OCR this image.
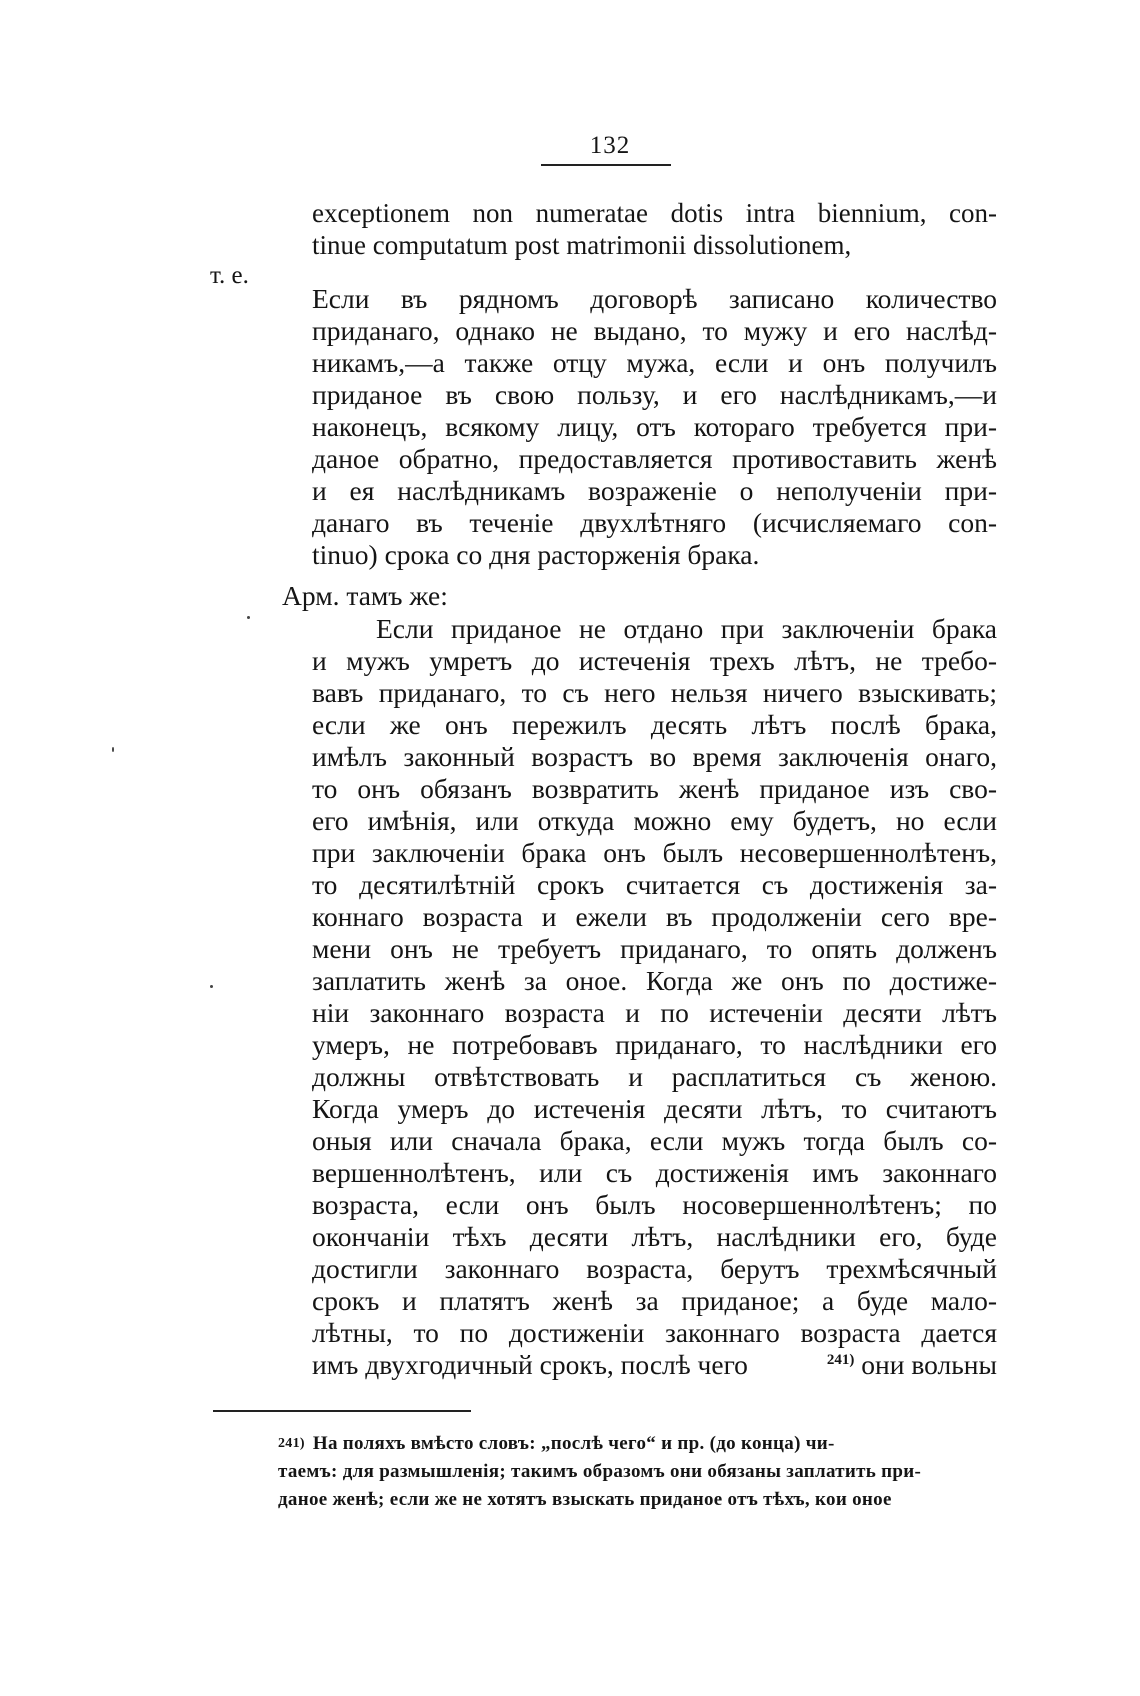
132
exceptionem non numeratae dotis intra biennium, con-
tinue computatum post matrimonii dissolutionem,
т. е.
Если въ рядномъ договорѣ записано количество
приданаго, однако не выдано, то мужу и его наслѣд-
никамъ,—а также отцу мужа, если и онъ получилъ
приданое въ свою пользу, и его наслѣдникамъ,—и
наконецъ, всякому лицу, отъ котораго требуется при-
даное обратно, предоставляется противоставить женѣ
и ея наслѣдникамъ возраженіе о неполученіи при-
данаго въ теченіе двухлѣтняго (исчисляемаго con-
tinuo) срока со дня расторженія брака.
Арм. тамъ же:
Если приданое не отдано при заключеніи брака
и мужъ умретъ до истеченія трехъ лѣтъ, не требо-
вавъ приданаго, то съ него нельзя ничего взыскивать;
если же онъ пережилъ десять лѣтъ послѣ брака,
имѣлъ законный возрастъ во время заключенія онаго,
то онъ обязанъ возвратить женѣ приданое изъ сво-
его имѣнія, или откуда можно ему будетъ, но если
при заключеніи брака онъ былъ несовершеннолѣтенъ,
то десятилѣтній срокъ считается съ достиженія за-
коннаго возраста и ежели въ продолженіи сего вре-
мени онъ не требуетъ приданаго, то опять долженъ
заплатить женѣ за оное. Когда же онъ по достиже-
ніи законнаго возраста и по истеченіи десяти лѣтъ
умеръ, не потребовавъ приданаго, то наслѣдники его
должны отвѣтствовать и расплатиться съ женою.
Когда умеръ до истеченія десяти лѣтъ, то считаютъ
оныя или сначала брака, если мужъ тогда былъ со-
вершеннолѣтенъ, или съ достиженія имъ законнаго
возраста, если онъ былъ носовершеннолѣтенъ; по
окончаніи тѣхъ десяти лѣтъ, наслѣдники его, буде
достигли законнаго возраста, берутъ трехмѣсячный
срокъ и платятъ женѣ за приданое; а буде мало-
лѣтны, то по достиженіи законнаго возраста дается
имъ двухгодичный срокъ, послѣ чего	$^{241)}$ они вольны
241) На поляхъ вмѣсто словъ: „послѣ чего“ и пр. (до конца) чи-
таемъ: для размышленія; такимъ образомъ они обязаны заплатить при-
даное женѣ; если же не хотятъ взыскать приданое отъ тѣхъ, кои оное
